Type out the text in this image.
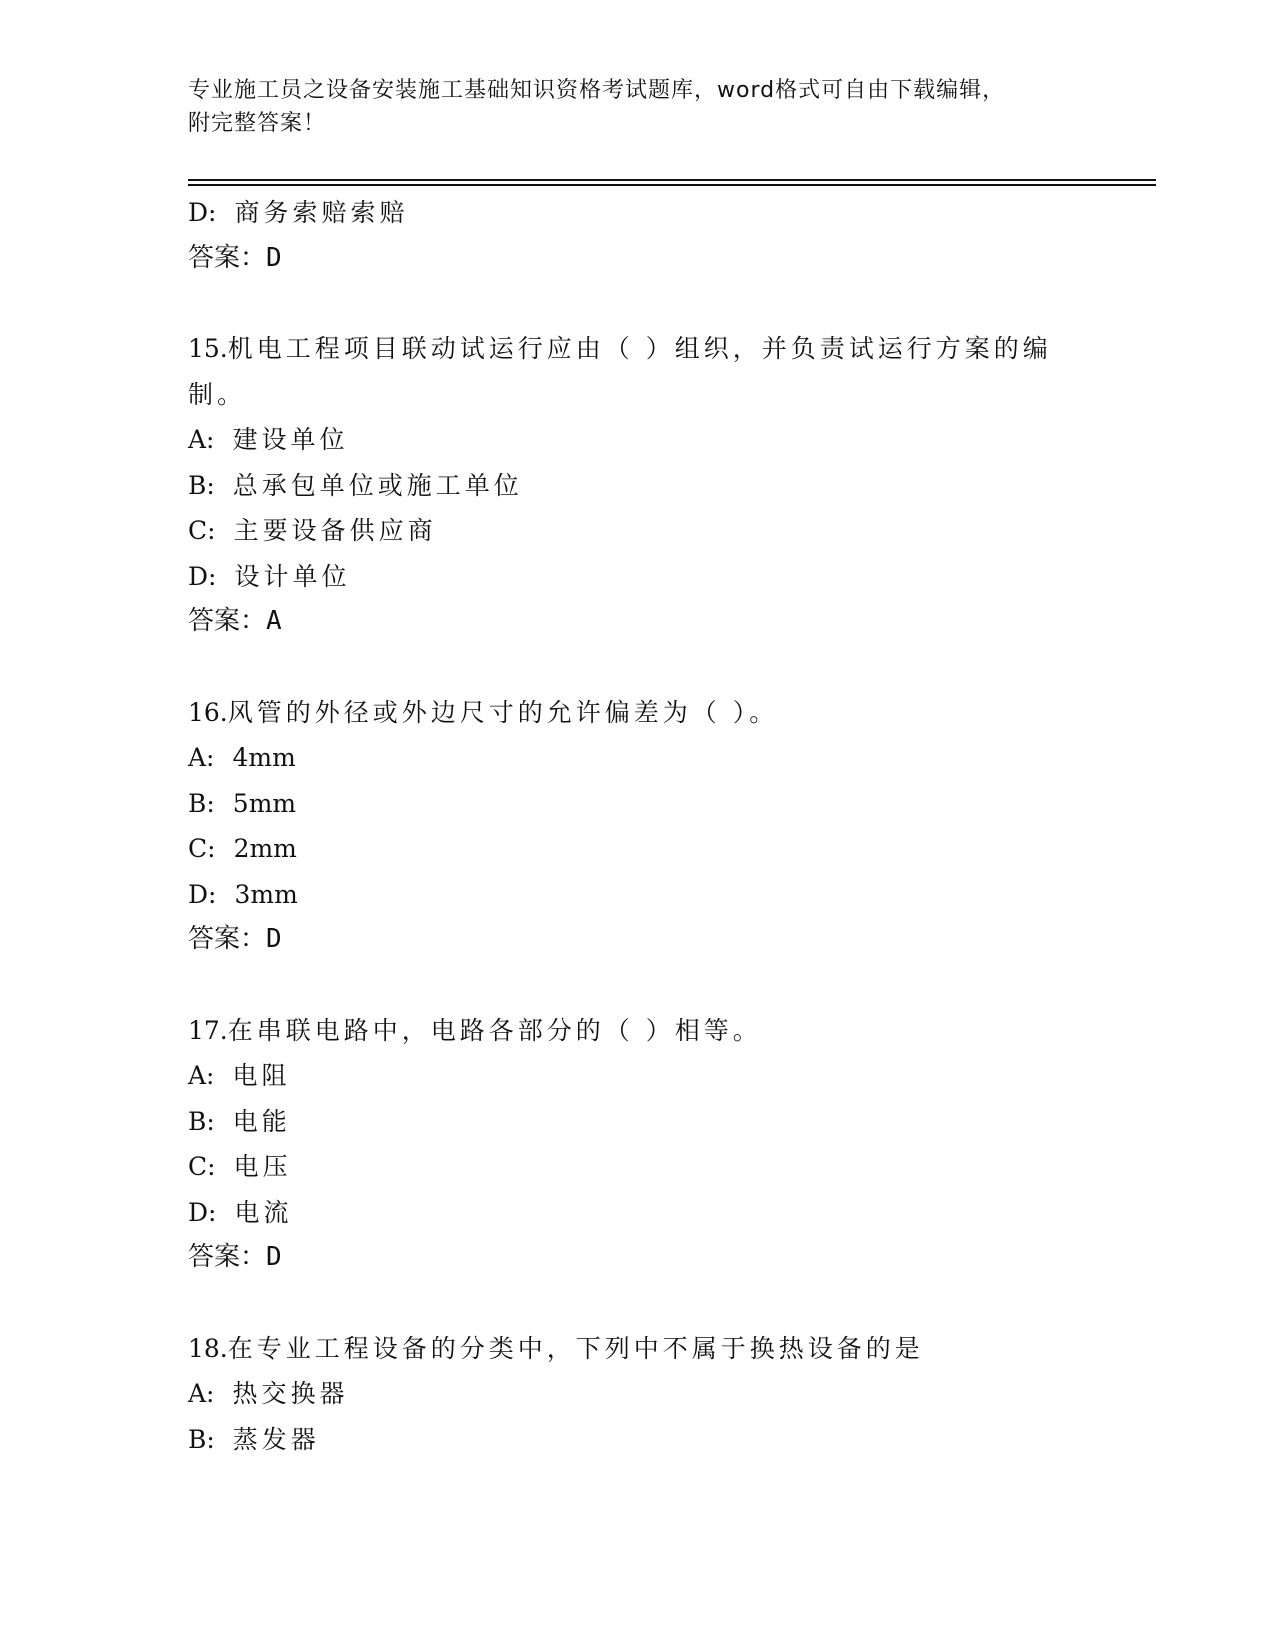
专业施工员之设备安装施工基础知识资格考试题库，word格式可自由下载编辑，
附完整答案！
D: 商务索赔索赔
答案：D
15.机电工程项目联动试运行应由（ ）组织，并负责试运行方案的编制。
A: 建设单位
B: 总承包单位或施工单位
C: 主要设备供应商
D: 设计单位
答案：A
16.风管的外径或外边尺寸的允许偏差为（ ）。
A: 4mm
B: 5mm
C: 2mm
D: 3mm
答案：D
17.在串联电路中，电路各部分的（ ）相等。
A: 电阻
B: 电能
C: 电压
D: 电流
答案：D
18.在专业工程设备的分类中，下列中不属于换热设备的是
A: 热交换器
B: 蒸发器
